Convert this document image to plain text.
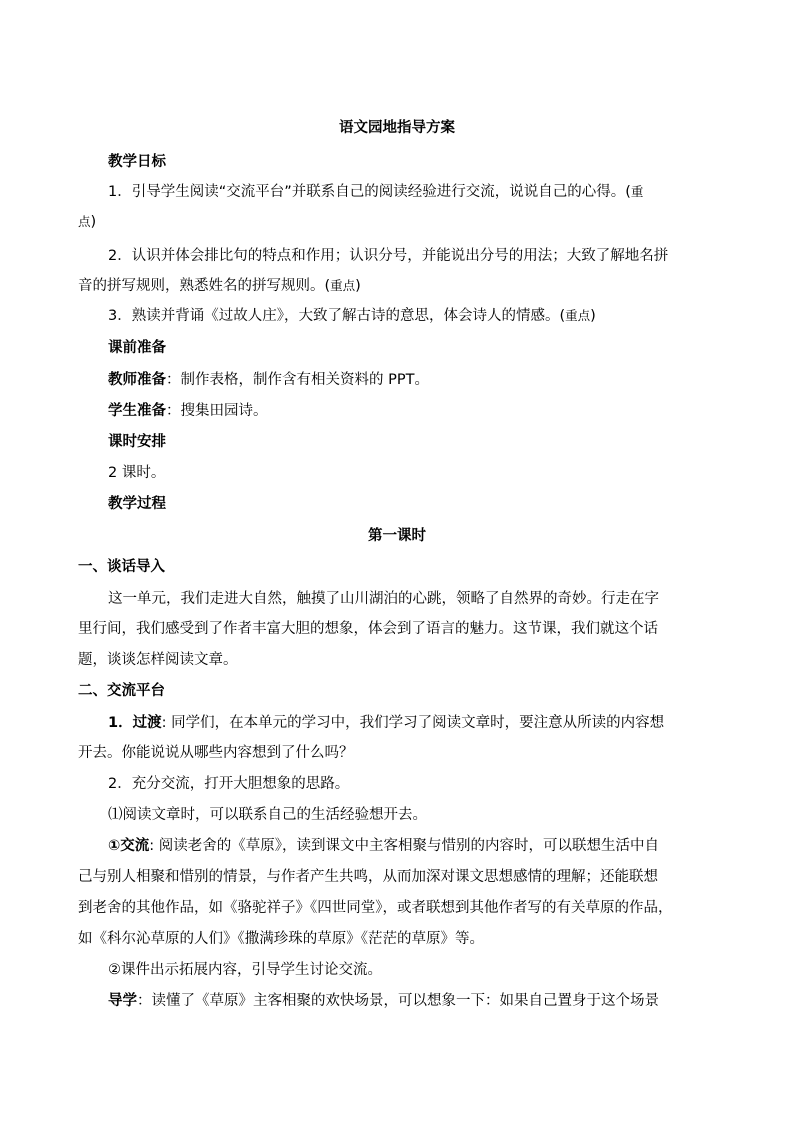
语文园地指导方案
教学日标
1．引导学生阅读“交流平台”并联系自己的阅读经验进行交流，说说自己的心得。(重
点)
2．认识并体会排比句的特点和作用；认识分号，并能说出分号的用法；大致了解地名拼
音的拼写规则，熟悉姓名的拼写规则。(重点)
3．熟读并背诵《过故人庄》，大致了解古诗的意思，体会诗人的情感。(重点)
课前准备
教师准备：制作表格，制作含有相关资料的 PPT。
学生准备：搜集田园诗。
课时安排
2 课时。
教学过程
第一课时
一、谈话导入
这一单元，我们走进大自然，触摸了山川湖泊的心跳，领略了自然界的奇妙。行走在字
里行间，我们感受到了作者丰富大胆的想象，体会到了语言的魅力。这节课，我们就这个话
题，谈谈怎样阅读文章。
二、交流平台
1．过渡: 同学们，在本单元的学习中，我们学习了阅读文章时，要注意从所读的内容想
开去。你能说说从哪些内容想到了什么吗？
2．充分交流，打开大胆想象的思路。
⑴阅读文章时，可以联系自己的生活经验想开去。
①交流: 阅读老舍的《草原》，读到课文中主客相聚与惜别的内容时，可以联想生活中自
己与别人相聚和惜别的情景，与作者产生共鸣，从而加深对课文思想感情的理解；还能联想
到老舍的其他作品，如《骆驼祥子》《四世同堂》，或者联想到其他作者写的有关草原的作品，
如《科尔沁草原的人们》《撒满珍珠的草原》《茫茫的草原》等。
②课件出示拓展内容，引导学生讨论交流。
导学：读懂了《草原》主客相聚的欢快场景，可以想象一下：如果自己置身于这个场景
